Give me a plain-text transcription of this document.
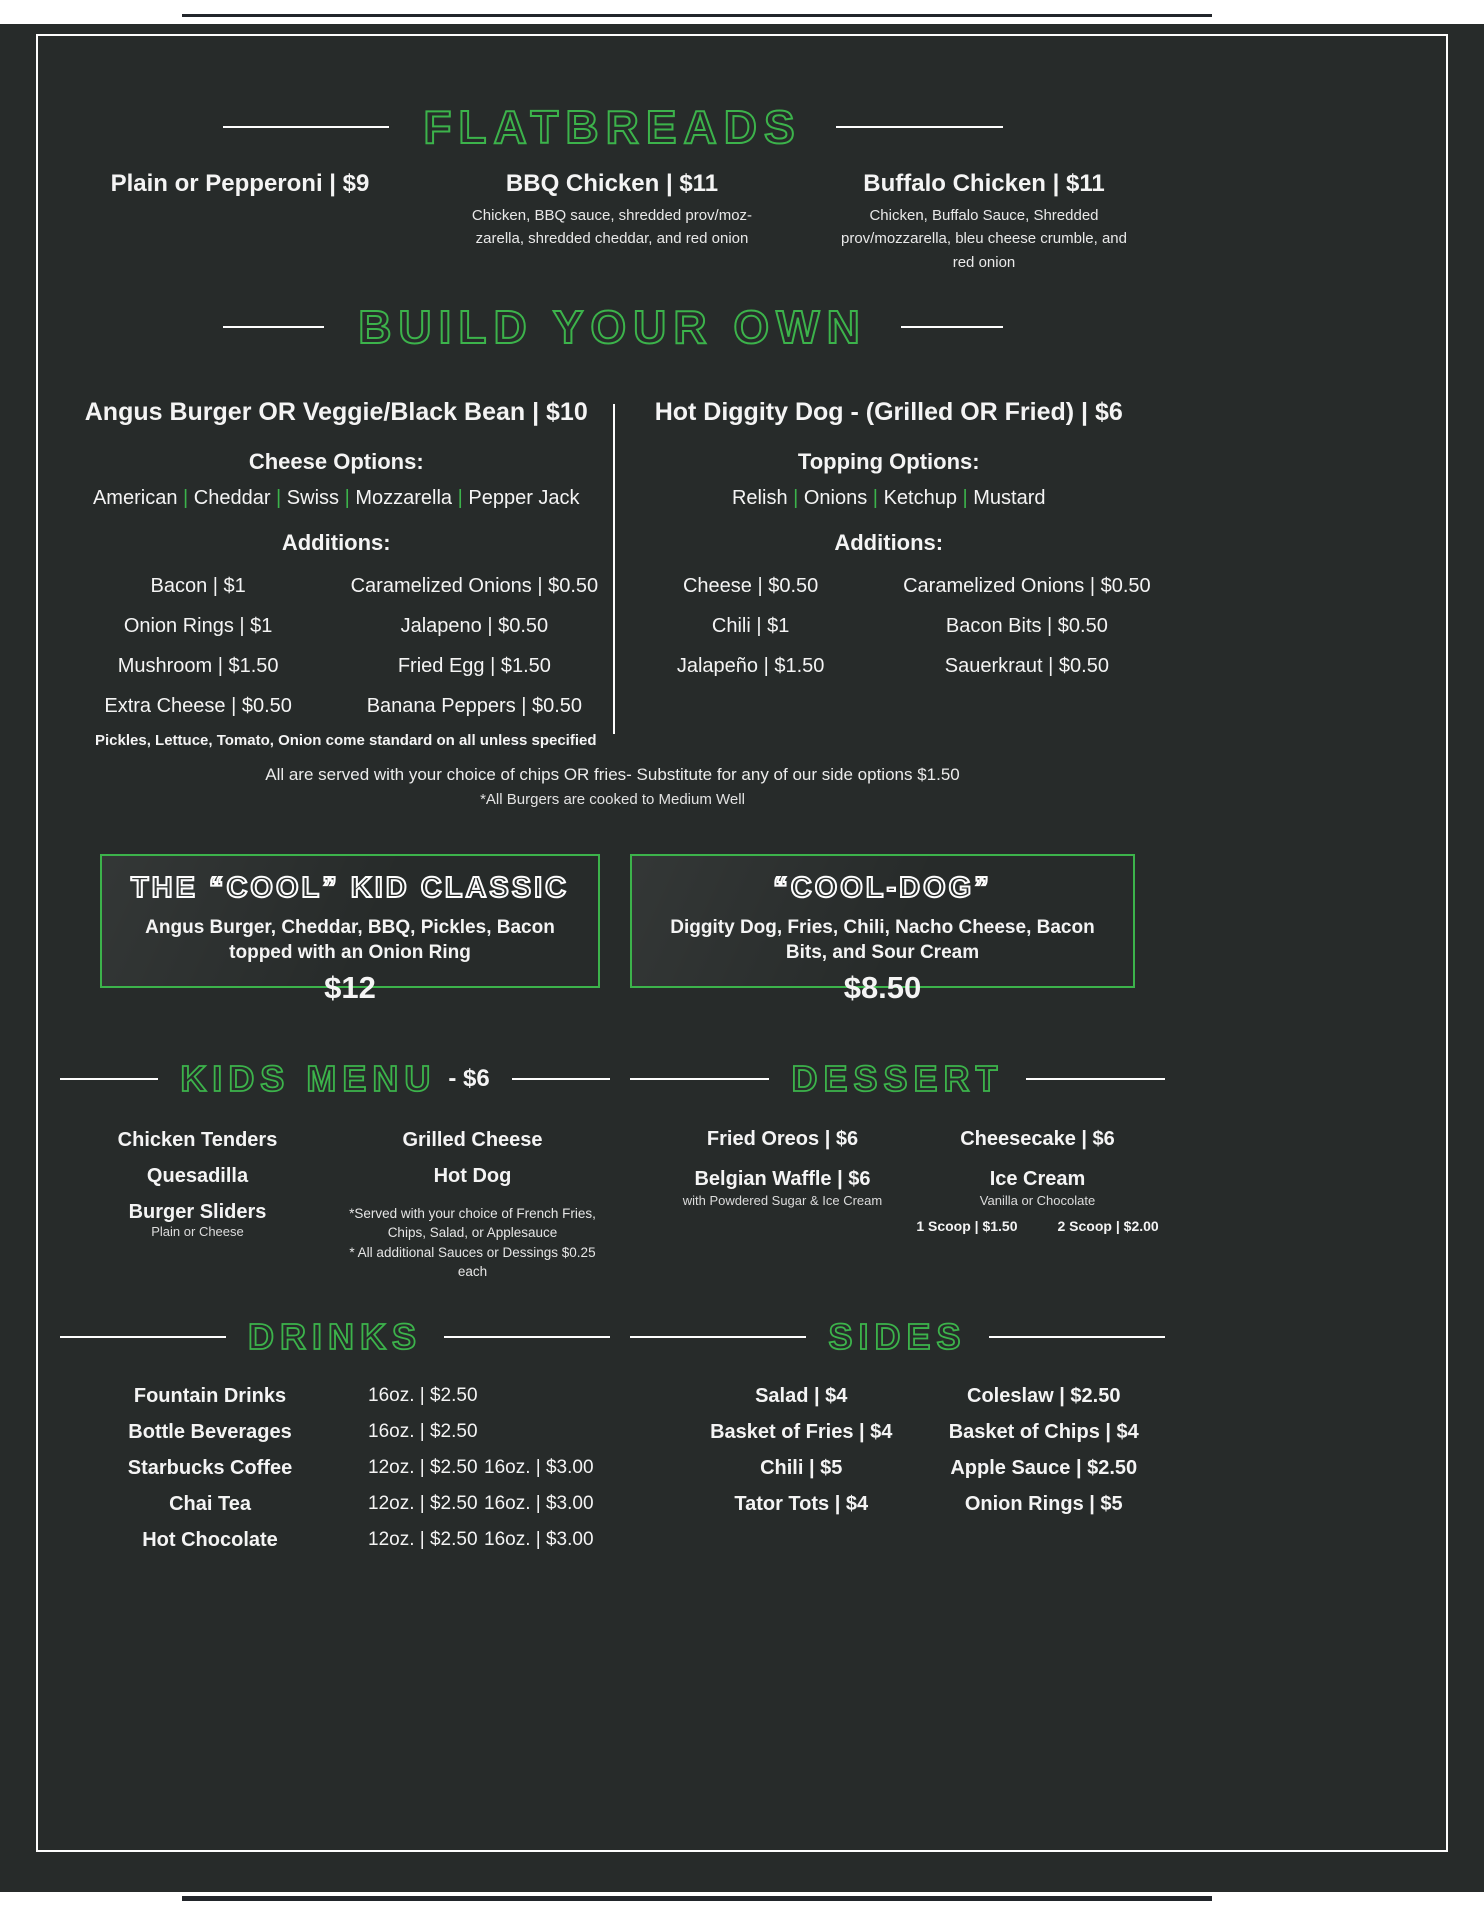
FLATBREADS
Plain or Pepperoni | $9	BBQ Chicken | $11
Chicken, BBQ sauce, shredded prov/moz-zarella, shredded cheddar, and red onion
Buffalo Chicken | $11
Chicken, Buffalo Sauce, Shredded prov/mozzarella, bleu cheese crumble, and red onion
BUILD YOUR OWN
Angus Burger OR Veggie/Black Bean | $10
Cheese Options:
American | Cheddar | Swiss | Mozzarella | Pepper Jack
Additions:
Bacon | $1
Onion Rings | $1
Mushroom | $1.50
Extra Cheese | $0.50
Caramelized Onions | $0.50
Jalapeno | $0.50
Fried Egg | $1.50
Banana Peppers | $0.50
Pickles, Lettuce, Tomato, Onion come standard on all unless specified
Hot Diggity Dog - (Grilled OR Fried) | $6
Topping Options:
Relish | Onions | Ketchup | Mustard
Additions:
Cheese | $0.50
Chili | $1
Jalapeño | $1.50
Caramelized Onions | $0.50
Bacon Bits | $0.50
Sauerkraut | $0.50
All are served with your choice of chips OR fries- Substitute for any of our side options $1.50
*All Burgers are cooked to Medium Well
THE “COOL” KID CLASSIC
Angus Burger, Cheddar, BBQ, Pickles, Bacon topped with an Onion Ring
$12
“COOL-DOG”
Diggity Dog, Fries, Chili, Nacho Cheese, Bacon Bits, and Sour Cream
$8.50
KIDS MENU - $6
Chicken Tenders
Quesadilla
Burger Sliders
Plain or Cheese
Grilled Cheese
Hot Dog
*Served with your choice of French Fries, Chips, Salad, or Applesauce
* All additional Sauces or Dessings $0.25 each
DESSERT
Fried Oreos | $6
Belgian Waffle | $6
with Powdered Sugar & Ice Cream
Cheesecake | $6
Ice Cream
Vanilla or Chocolate
1 Scoop | $1.50	2 Scoop | $2.00
DRINKS
Fountain Drinks	16oz. | $2.50
Bottle Beverages	16oz. | $2.50
Starbucks Coffee	12oz. | $2.50 16oz. | $3.00
Chai Tea	12oz. | $2.50 16oz. | $3.00
Hot Chocolate	12oz. | $2.50 16oz. | $3.00
SIDES
Salad | $4
Basket of Fries | $4
Chili | $5
Tator Tots | $4
Coleslaw | $2.50
Basket of Chips | $4
Apple Sauce | $2.50
Onion Rings | $5
